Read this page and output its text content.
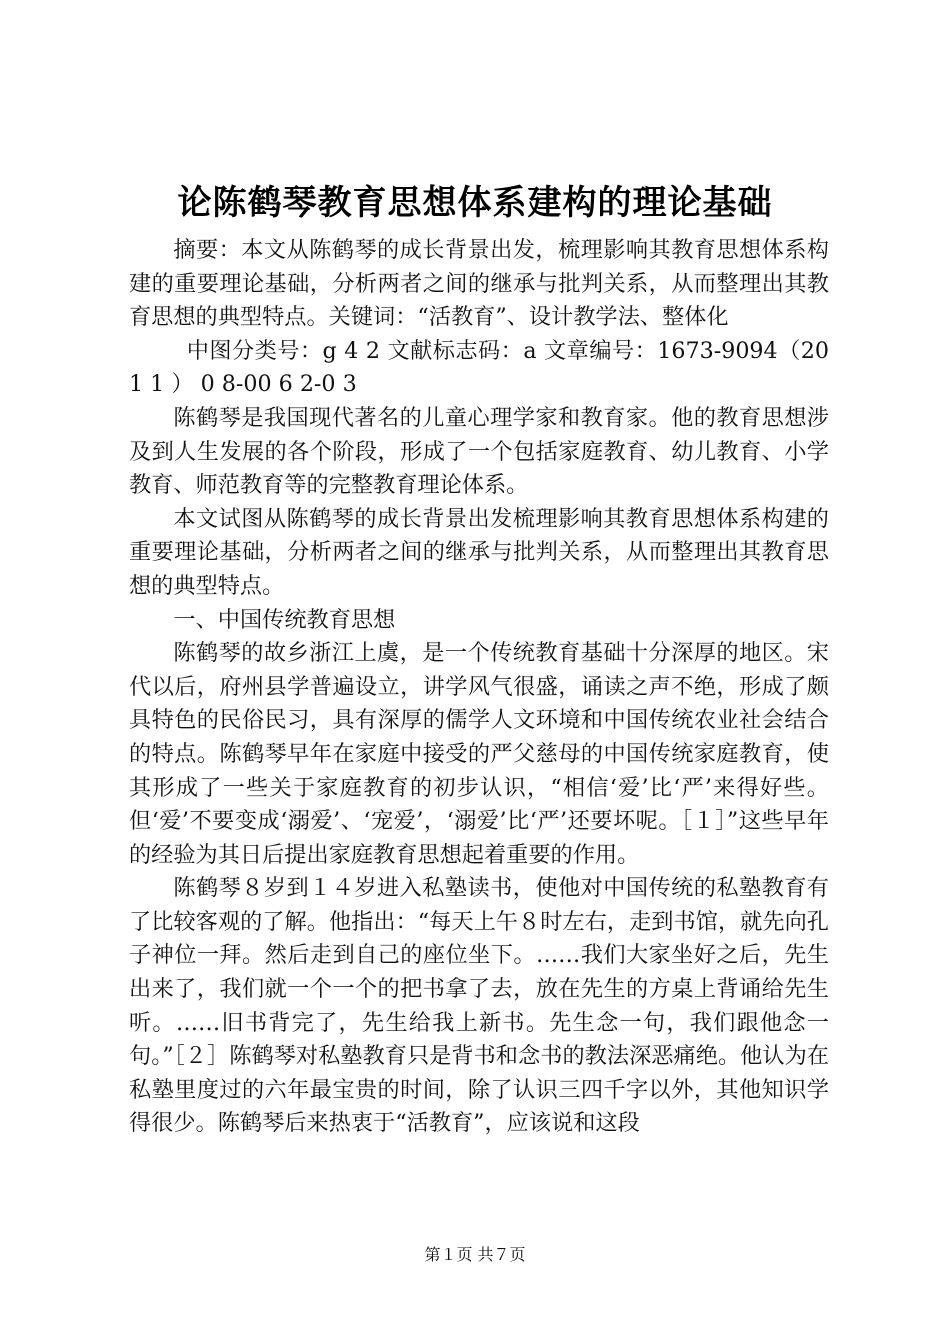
论陈鹤琴教育思想体系建构的理论基础

摘要：本文从陈鹤琴的成长背景出发，梳理影响其教育思想体系构建的重要理论基础，分析两者之间的继承与批判关系，从而整理出其教育思想的典型特点。关键词：“活教育”、设计教学法、整体化

中图分类号：g 4 2 文献标志码：a 文章编号：1673-9094（201 1 ） 0 8-00 6 2-0 3

陈鹤琴是我国现代著名的儿童心理学家和教育家。他的教育思想涉及到人生发展的各个阶段，形成了一个包括家庭教育、幼儿教育、小学教育、师范教育等的完整教育理论体系。

本文试图从陈鹤琴的成长背景出发梳理影响其教育思想体系构建的重要理论基础，分析两者之间的继承与批判关系，从而整理出其教育思想的典型特点。

一、中国传统教育思想

陈鹤琴的故乡浙江上虞，是一个传统教育基础十分深厚的地区。宋代以后，府州县学普遍设立，讲学风气很盛，诵读之声不绝，形成了颇具特色的民俗民习，具有深厚的儒学人文环境和中国传统农业社会结合的特点。陈鹤琴早年在家庭中接受的严父慈母的中国传统家庭教育，使其形成了一些关于家庭教育的初步认识，“相信‘爱’比‘严’来得好些。但‘爱’不要变成‘溺爱’、‘宠爱’，‘溺爱’比‘严’还要坏呢。［１］”这些早年的经验为其日后提出家庭教育思想起着重要的作用。

陈鹤琴８岁到１４岁进入私塾读书，使他对中国传统的私塾教育有了比较客观的了解。他指出：“每天上午８时左右，走到书馆，就先向孔子神位一拜。然后走到自己的座位坐下。……我们大家坐好之后，先生出来了，我们就一个一个的把书拿了去，放在先生的方桌上背诵给先生听。……旧书背完了，先生给我上新书。先生念一句，我们跟他念一句。”［２］陈鹤琴对私塾教育只是背书和念书的教法深恶痛绝。他认为在私塾里度过的六年最宝贵的时间，除了认识三四千字以外，其他知识学得很少。陈鹤琴后来热衷于“活教育”，应该说和这段

第１页 共７页
